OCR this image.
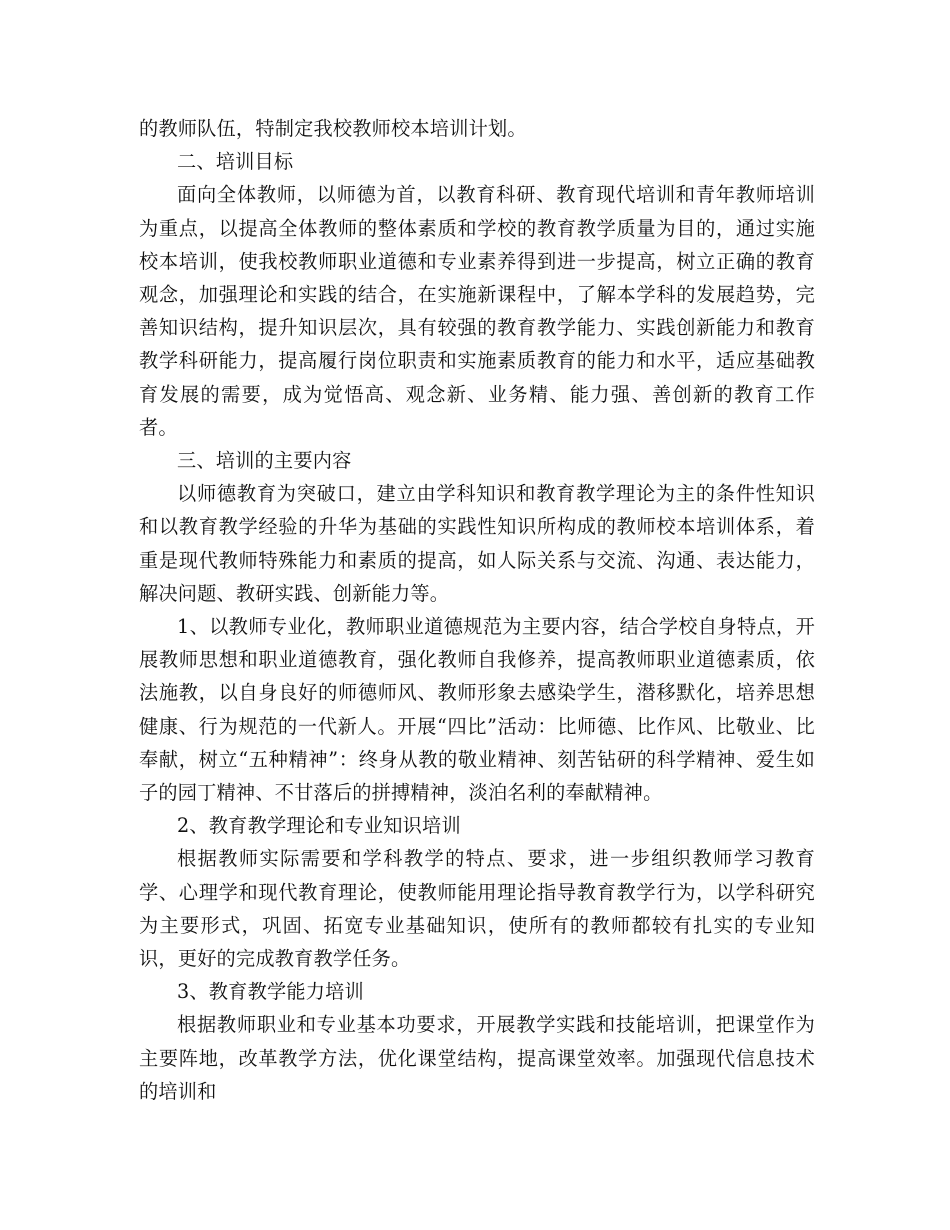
的教师队伍，特制定我校教师校本培训计划。

二、培训目标

面向全体教师，以师德为首，以教育科研、教育现代培训和青年教师培训为重点，以提高全体教师的整体素质和学校的教育教学质量为目的，通过实施校本培训，使我校教师职业道德和专业素养得到进一步提高，树立正确的教育观念，加强理论和实践的结合，在实施新课程中，了解本学科的发展趋势，完善知识结构，提升知识层次，具有较强的教育教学能力、实践创新能力和教育教学科研能力，提高履行岗位职责和实施素质教育的能力和水平，适应基础教育发展的需要，成为觉悟高、观念新、业务精、能力强、善创新的教育工作者。

三、培训的主要内容

以师德教育为突破口，建立由学科知识和教育教学理论为主的条件性知识和以教育教学经验的升华为基础的实践性知识所构成的教师校本培训体系，着重是现代教师特殊能力和素质的提高，如人际关系与交流、沟通、表达能力，解决问题、教研实践、创新能力等。

1、以教师专业化，教师职业道德规范为主要内容，结合学校自身特点，开展教师思想和职业道德教育，强化教师自我修养，提高教师职业道德素质，依法施教，以自身良好的师德师风、教师形象去感染学生，潜移默化，培养思想健康、行为规范的一代新人。开展“四比”活动：比师德、比作风、比敬业、比奉献，树立“五种精神”：终身从教的敬业精神、刻苦钻研的科学精神、爱生如子的园丁精神、不甘落后的拼搏精神，淡泊名利的奉献精神。

2、教育教学理论和专业知识培训

根据教师实际需要和学科教学的特点、要求，进一步组织教师学习教育学、心理学和现代教育理论，使教师能用理论指导教育教学行为，以学科研究为主要形式，巩固、拓宽专业基础知识，使所有的教师都较有扎实的专业知识，更好的完成教育教学任务。

3、教育教学能力培训

根据教师职业和专业基本功要求，开展教学实践和技能培训，把课堂作为主要阵地，改革教学方法，优化课堂结构，提高课堂效率。加强现代信息技术的培训和
